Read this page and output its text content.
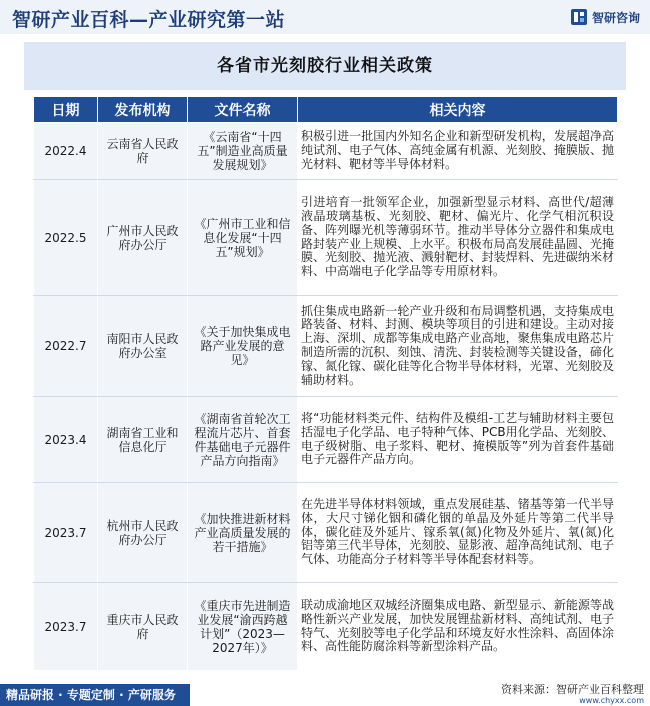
智研产业百科—产业研究第一站	智研咨询
各省市光刻胶行业相关政策
日期	发布机构	文件名称	相关内容
2022.4	云南省人民政府	《云南省“十四五”制造业高质量发展规划》	积极引进一批国内外知名企业和新型研发机构，发展超净高纯试剂、电子气体、高纯金属有机源、光刻胶、掩膜版、抛光材料、靶材等半导体材料。
2022.5	广州市人民政府办公厅	《广州市工业和信息化发展“十四五”规划》	引进培育一批领军企业，加强新型显示材料、高世代/超薄液晶玻璃基板、光刻胶、靶材、偏光片、化学气相沉积设备、阵列曝光机等薄弱环节。推动半导体分立器件和集成电路封装产业上规模、上水平。积极布局高发展硅晶圆、光掩膜、光刻胶、抛光液、溅射靶材、封装焊料、先进碳纳米材料、中高端电子化学品等专用原材料。
2022.7	南阳市人民政府办公室	《关于加快集成电路产业发展的意见》	抓住集成电路新一轮产业升级和布局调整机遇，支持集成电路装备、材料、封测、模块等项目的引进和建设。主动对接上海、深圳、成都等集成电路产业高地，聚焦集成电路芯片制造所需的沉积、刻蚀、清洗、封装检测等关键设备，碲化镓、氮化镓、碳化硅等化合物半导体材料，光罩、光刻胶及辅助材料。
2023.4	湖南省工业和信息化厅	《湖南省首轮次工程流片芯片、首套件基础电子元器件产品方向指南》	将“功能材料类元件、结构件及模组-工艺与辅助材料主要包括湿电子化学品、电子特种气体、PCB用化学品、光刻胶、电子级树脂、电子浆料、靶材、掩模版等”列为首套件基础电子元器件产品方向。
2023.7	杭州市人民政府办公厅	《加快推进新材料产业高质量发展的若干措施》	在先进半导体材料领域，重点发展硅基、锗基等第一代半导体，大尺寸锑化铟和磷化铟的单晶及外延片等第二代半导体，碳化硅及外延片、镓系氧(氮)化物及外延片、氧(氮)化铝等第三代半导体，光刻胶、显影液、超净高纯试剂、电子气体、功能高分子材料等半导体配套材料等。
2023.7	重庆市人民政府	《重庆市先进制造业发展“渝西跨越计划”（2023—2027年）》	联动成渝地区双城经济圈集成电路、新型显示、新能源等战略性新兴产业发展，加快发展锂盐新材料、高纯试剂、电子特气、光刻胶等电子化学品和环境友好水性涂料、高固体涂料、高性能防腐涂料等新型涂料产品。
精品研报 · 专题定制 · 产研服务	资料来源：智研产业百科整理
www.chyxx.com
